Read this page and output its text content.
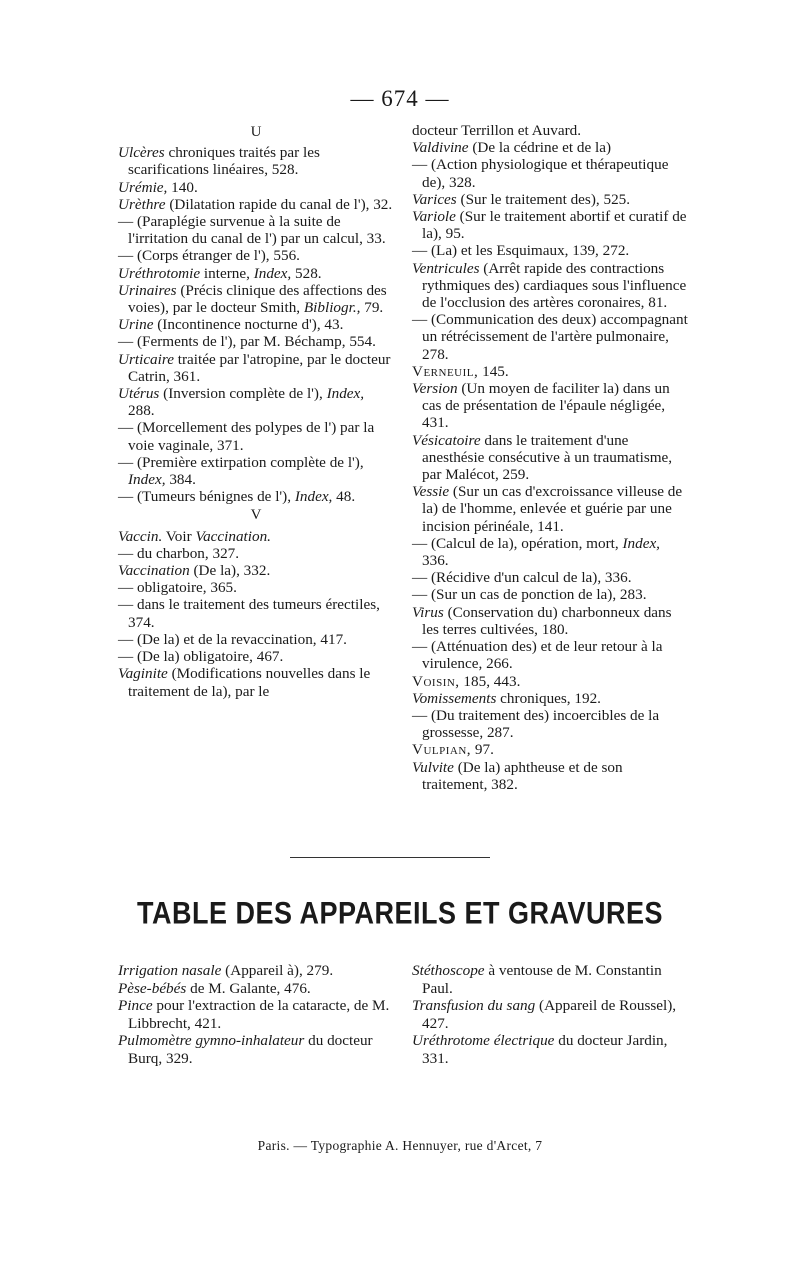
— 674 —
U

Ulcères chroniques traités par les scarifications linéaires, 528.

Urémie, 140.

Urèthre (Dilatation rapide du canal de l'), 32.

— (Paraplégie survenue à la suite de l'irritation du canal de l') par un calcul, 33.

— (Corps étranger de l'), 556.

Uréthrotomie interne, Index, 528.

Urinaires (Précis clinique des affections des voies), par le docteur Smith, Bibliogr., 79.

Urine (Incontinence nocturne d'), 43.

— (Ferments de l'), par M. Béchamp, 554.

Urticaire traitée par l'atropine, par le docteur Catrin, 361.

Utérus (Inversion complète de l'), Index, 288.

— (Morcellement des polypes de l') par la voie vaginale, 371.

— (Première extirpation complète de l'), Index, 384.

— (Tumeurs bénignes de l'), Index, 48.

V

Vaccin. Voir Vaccination.

— du charbon, 327.

Vaccination (De la), 332.

— obligatoire, 365.

— dans le traitement des tumeurs érectiles, 374.

— (De la) et de la revaccination, 417.

— (De la) obligatoire, 467.

Vaginite (Modifications nouvelles dans le traitement de la), par le

docteur Terrillon et Auvard.

Valdivine (De la cédrine et de la)

— (Action physiologique et thérapeutique de), 328.

Varices (Sur le traitement des), 525.

Variole (Sur le traitement abortif et curatif de la), 95.

— (La) et les Esquimaux, 139, 272.

Ventricules (Arrêt rapide des contractions rythmiques des) cardiaques sous l'influence de l'occlusion des artères coronaires, 81.

— (Communication des deux) accompagnant un rétrécissement de l'artère pulmonaire, 278.

Verneuil, 145.

Version (Un moyen de faciliter la) dans un cas de présentation de l'épaule négligée, 431.

Vésicatoire dans le traitement d'une anesthésie consécutive à un traumatisme, par Malécot, 259.

Vessie (Sur un cas d'excroissance villeuse de la) de l'homme, enlevée et guérie par une incision périnéale, 141.

— (Calcul de la), opération, mort, Index, 336.

— (Récidive d'un calcul de la), 336.

— (Sur un cas de ponction de la), 283.

Virus (Conservation du) charbonneux dans les terres cultivées, 180.

— (Atténuation des) et de leur retour à la virulence, 266.

Voisin, 185, 443.

Vomissements chroniques, 192.

— (Du traitement des) incoercibles de la grossesse, 287.

Vulpian, 97.

Vulvite (De la) aphtheuse et de son traitement, 382.

TABLE DES APPAREILS ET GRAVURES

Irrigation nasale (Appareil à), 279.

Pèse-bébés de M. Galante, 476.

Pince pour l'extraction de la cataracte, de M. Libbrecht, 421.

Pulmomètre gymno-inhalateur du docteur Burq, 329.

Stéthoscope à ventouse de M. Constantin Paul.

Transfusion du sang (Appareil de Roussel), 427.

Uréthrotome électrique du docteur Jardin, 331.

Paris. — Typographie A. Hennuyer, rue d'Arcet, 7
